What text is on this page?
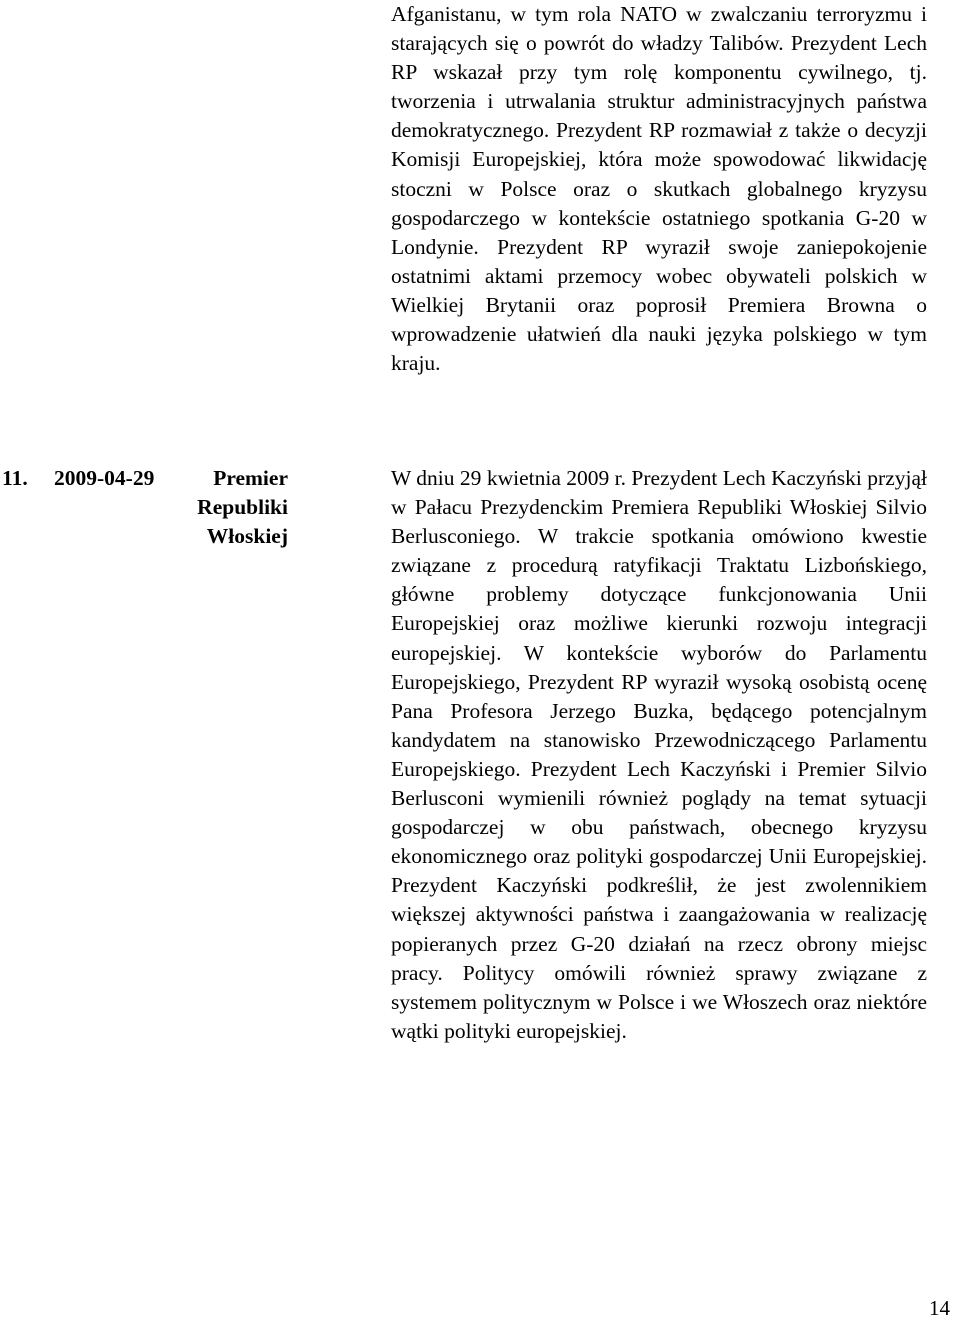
Afganistanu, w tym rola NATO w zwalczaniu terroryzmu i starających się o powrót do władzy Talibów. Prezydent Lech RP wskazał przy tym rolę komponentu cywilnego, tj. tworzenia i utrwalania struktur administracyjnych państwa demokratycznego. Prezydent RP rozmawiał z także o decyzji Komisji Europejskiej, która może spowodować likwidację stoczni w Polsce oraz o skutkach globalnego kryzysu gospodarczego w kontekście ostatniego spotkania G-20 w Londynie. Prezydent RP wyraził swoje zaniepokojenie ostatnimi aktami przemocy wobec obywateli polskich w Wielkiej Brytanii oraz poprosił Premiera Browna o wprowadzenie ułatwień dla nauki języka polskiego w tym kraju.
11. 2009-04-29	Premier Republiki Włoskiej
W dniu 29 kwietnia 2009 r. Prezydent Lech Kaczyński przyjął w Pałacu Prezydenckim Premiera Republiki Włoskiej Silvio Berlusconiego. W trakcie spotkania omówiono kwestie związane z procedurą ratyfikacji Traktatu Lizbońskiego, główne problemy dotyczące funkcjonowania Unii Europejskiej oraz możliwe kierunki rozwoju integracji europejskiej. W kontekście wyborów do Parlamentu Europejskiego, Prezydent RP wyraził wysoką osobistą ocenę Pana Profesora Jerzego Buzka, będącego potencjalnym kandydatem na stanowisko Przewodniczącego Parlamentu Europejskiego. Prezydent Lech Kaczyński i Premier Silvio Berlusconi wymienili również poglądy na temat sytuacji gospodarczej w obu państwach, obecnego kryzysu ekonomicznego oraz polityki gospodarczej Unii Europejskiej. Prezydent Kaczyński podkreślił, że jest zwolennikiem większej aktywności państwa i zaangażowania w realizację popieranych przez G-20 działań na rzecz obrony miejsc pracy. Politycy omówili również sprawy związane z systemem politycznym w Polsce i we Włoszech oraz niektóre wątki polityki europejskiej.
14
